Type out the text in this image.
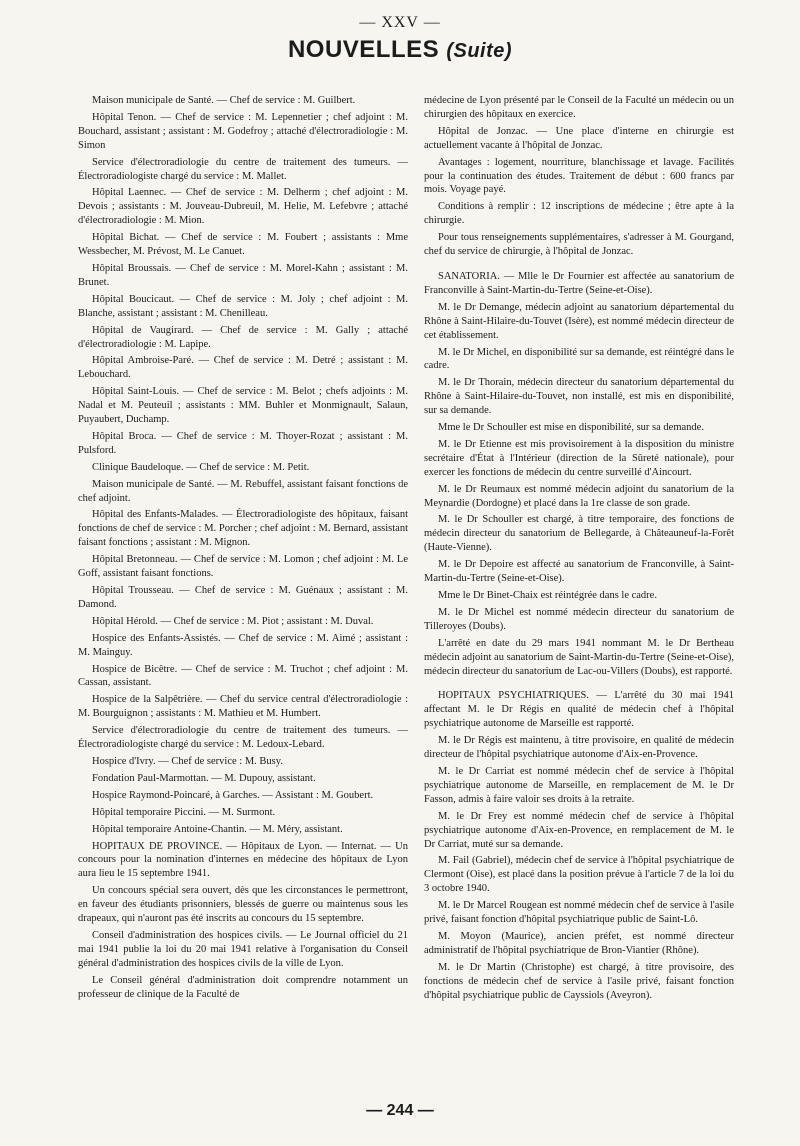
— XXV —
NOUVELLES (Suite)

Maison municipale de Santé. — Chef de service : M. Guilbert.

Hôpital Tenon. — Chef de service : M. Lepennetier ; chef adjoint : M. Bouchard, assistant ; assistant : M. Godefroy ; attaché d'électroradiologie : M. Simon

Service d'électroradiologie du centre de traitement des tumeurs. — Électroradiologiste chargé du service : M. Mallet.

Hôpital Laennec. — Chef de service : M. Delherm ; chef adjoint : M. Devois ; assistants : M. Jouveau-Dubreuil, M. Helie, M. Lefebvre ; attaché d'électroradiologie : M. Mion.

Hôpital Bichat. — Chef de service : M. Foubert ; assistants : Mme Wessbecher, M. Prévost, M. Le Canuet.

Hôpital Broussais. — Chef de service : M. Morel-Kahn ; assistant : M. Brunet.

Hôpital Boucicaut. — Chef de service : M. Joly ; chef adjoint : M. Blanche, assistant ; assistant : M. Chenilleau.

Hôpital de Vaugirard. — Chef de service : M. Gally ; attaché d'électroradiologie : M. Lapipe.

Hôpital Ambroise-Paré. — Chef de service : M. Detré ; assistant : M. Lebouchard.

Hôpital Saint-Louis. — Chef de service : M. Belot ; chefs adjoints : M. Nadal et M. Peuteuil ; assistants : MM. Buhler et Monmignault, Salaun, Puyaubert, Duchamp.

Hôpital Broca. — Chef de service : M. Thoyer-Rozat ; assistant : M. Pulsford.

Clinique Baudeloque. — Chef de service : M. Petit.

Maison municipale de Santé. — M. Rebuffel, assistant faisant fonctions de chef adjoint.

Hôpital des Enfants-Malades. — Électroradiologiste des hôpitaux, faisant fonctions de chef de service : M. Porcher ; chef adjoint : M. Bernard, assistant faisant fonctions ; assistant : M. Mignon.

Hôpital Bretonneau. — Chef de service : M. Lomon ; chef adjoint : M. Le Goff, assistant faisant fonctions.

Hôpital Trousseau. — Chef de service : M. Guénaux ; assistant : M. Damond.

Hôpital Hérold. — Chef de service : M. Piot ; assistant : M. Duval.

Hospice des Enfants-Assistés. — Chef de service : M. Aimé ; assistant : M. Mainguy.

Hospice de Bicêtre. — Chef de service : M. Truchot ; chef adjoint : M. Cassan, assistant.

Hospice de la Salpêtrière. — Chef du service central d'électroradiologie : M. Bourguignon ; assistants : M. Mathieu et M. Humbert.

Service d'électroradiologie du centre de traitement des tumeurs. — Électroradiologiste chargé du service : M. Ledoux-Lebard.

Hospice d'Ivry. — Chef de service : M. Busy.

Fondation Paul-Marmottan. — M. Dupouy, assistant.

Hospice Raymond-Poincaré, à Garches. — Assistant : M. Goubert.

Hôpital temporaire Piccini. — M. Surmont.

Hôpital temporaire Antoine-Chantin. — M. Méry, assistant.

HOPITAUX DE PROVINCE. — Hôpitaux de Lyon. — Internat. — Un concours pour la nomination d'internes en médecine des hôpitaux de Lyon aura lieu le 15 septembre 1941.

Un concours spécial sera ouvert, dès que les circonstances le permettront, en faveur des étudiants prisonniers, blessés de guerre ou maintenus sous les drapeaux, qui n'auront pas été inscrits au concours du 15 septembre.

Conseil d'administration des hospices civils. — Le Journal officiel du 21 mai 1941 publie la loi du 20 mai 1941 relative à l'organisation du Conseil général d'administration des hospices civils de la ville de Lyon.

Le Conseil général d'administration doit comprendre notamment un professeur de clinique de la Faculté de

médecine de Lyon présenté par le Conseil de la Faculté un médecin ou un chirurgien des hôpitaux en exercice.

Hôpital de Jonzac. — Une place d'interne en chirurgie est actuellement vacante à l'hôpital de Jonzac.

Avantages : logement, nourriture, blanchissage et lavage. Facilités pour la continuation des études. Traitement de début : 600 francs par mois. Voyage payé.

Conditions à remplir : 12 inscriptions de médecine ; être apte à la chirurgie.

Pour tous renseignements supplémentaires, s'adresser à M. Gourgand, chef du service de chirurgie, à l'hôpital de Jonzac.

SANATORIA. — Mlle le Dr Fournier est affectée au sanatorium de Franconville à Saint-Martin-du-Tertre (Seine-et-Oise).

M. le Dr Demange, médecin adjoint au sanatorium départemental du Rhône à Saint-Hilaire-du-Touvet (Isère), est nommé médecin directeur de cet établissement.

M. le Dr Michel, en disponibilité sur sa demande, est réintégré dans le cadre.

M. le Dr Thorain, médecin directeur du sanatorium départemental du Rhône à Saint-Hilaire-du-Touvet, non installé, est mis en disponibilité, sur sa demande.

Mme le Dr Schouller est mise en disponibilité, sur sa demande.

M. le Dr Etienne est mis provisoirement à la disposition du ministre secrétaire d'État à l'Intérieur (direction de la Sûreté nationale), pour exercer les fonctions de médecin du centre surveillé d'Aincourt.

M. le Dr Reumaux est nommé médecin adjoint du sanatorium de la Meynardie (Dordogne) et placé dans la 1re classe de son grade.

M. le Dr Schouller est chargé, à titre temporaire, des fonctions de médecin directeur du sanatorium de Bellegarde, à Châteauneuf-la-Forêt (Haute-Vienne).

M. le Dr Depoire est affecté au sanatorium de Franconville, à Saint-Martin-du-Tertre (Seine-et-Oise).

Mme le Dr Binet-Chaix est réintégrée dans le cadre.

M. le Dr Michel est nommé médecin directeur du sanatorium de Tilleroyes (Doubs).

L'arrêté en date du 29 mars 1941 nommant M. le Dr Bertheau médecin adjoint au sanatorium de Saint-Martin-du-Tertre (Seine-et-Oise), médecin directeur du sanatorium de Lac-ou-Villers (Doubs), est rapporté.

HOPITAUX PSYCHIATRIQUES. — L'arrêté du 30 mai 1941 affectant M. le Dr Régis en qualité de médecin chef à l'hôpital psychiatrique autonome de Marseille est rapporté.

M. le Dr Régis est maintenu, à titre provisoire, en qualité de médecin directeur de l'hôpital psychiatrique autonome d'Aix-en-Provence.

M. le Dr Carriat est nommé médecin chef de service à l'hôpital psychiatrique autonome de Marseille, en remplacement de M. le Dr Fasson, admis à faire valoir ses droits à la retraite.

M. le Dr Frey est nommé médecin chef de service à l'hôpital psychiatrique autonome d'Aix-en-Provence, en remplacement de M. le Dr Carriat, muté sur sa demande.

M. Fail (Gabriel), médecin chef de service à l'hôpital psychiatrique de Clermont (Oise), est placé dans la position prévue à l'article 7 de la loi du 3 octobre 1940.

M. le Dr Marcel Rougean est nommé médecin chef de service à l'asile privé, faisant fonction d'hôpital psychiatrique public de Saint-Lô.

M. Moyon (Maurice), ancien préfet, est nommé directeur administratif de l'hôpital psychiatrique de Bron-Viantier (Rhône).

M. le Dr Martin (Christophe) est chargé, à titre provisoire, des fonctions de médecin chef de service à l'asile privé, faisant fonction d'hôpital psychiatrique public de Cayssiols (Aveyron).

— 244 —
